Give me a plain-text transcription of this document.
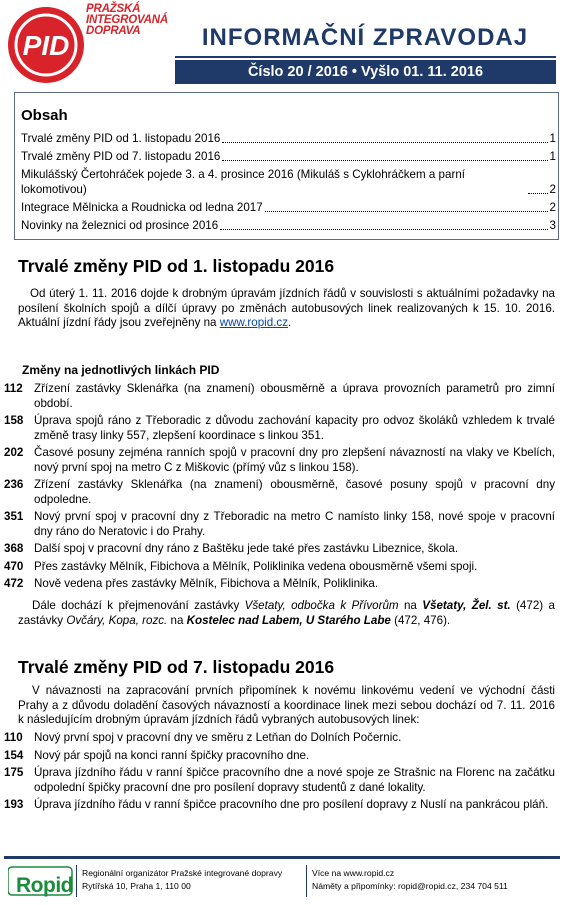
PID
PRAŽSKÁ
INTEGROVANÁ
DOPRAVA	INFORMAČNÍ ZPRAVODAJ
Číslo 20 / 2016 • Vyšlo 01. 11. 2016
Obsah
Trvalé změny PID od 1. listopadu 2016	1
Trvalé změny PID od 7. listopadu 2016	1
Mikulášský Čertohráček pojede 3. a 4. prosince 2016 (Mikuláš s Cyklohráčkem a parní lokomotivou)	2
Integrace Mělnicka a Roudnicka od ledna 2017	2
Novinky na železnici od prosince 2016	3
Trvalé změny PID od 1. listopadu 2016
Od úterý 1. 11. 2016 dojde k drobným úpravám jízdních řádů v souvislosti s aktuálními požadavky na posílení školních spojů a dílčí úpravy po změnách autobusových linek realizovaných k 15. 10. 2016. Aktuální jízdní řády jsou zveřejněny na www.ropid.cz.
Změny na jednotlivých linkách PID
112 Zřízení zastávky Sklenářka (na znamení) obousměrně a úprava provozních parametrů pro zimní období.
158 Úprava spojů ráno z Třeboradic z důvodu zachování kapacity pro odvoz školáků vzhledem k trvalé změně trasy linky 557, zlepšení koordinace s linkou 351.
202 Časové posuny zejména ranních spojů v pracovní dny pro zlepšení návazností na vlaky ve Kbelích, nový první spoj na metro C z Miškovic (přímý vůz s linkou 158).
236 Zřízení zastávky Sklenářka (na znamení) obousměrně, časové posuny spojů v pracovní dny odpoledne.
351 Nový první spoj v pracovní dny z Třeboradic na metro C namísto linky 158, nové spoje v pracovní dny ráno do Neratovic i do Prahy.
368 Další spoj v pracovní dny ráno z Baštěku jede také přes zastávku Libeznice, škola.
470 Přes zastávky Mělník, Fibichova a Mělník, Poliklinika vedena obousměrně všemi spoji.
472 Nově vedena přes zastávky Mělník, Fibichova a Mělník, Poliklinika.
Dále dochází k přejmenování zastávky Všetaty, odbočka k Přívorům na Všetaty, Žel. st. (472) a zastávky Ovčáry, Kopa, rozc. na Kostelec nad Labem, U Starého Labe (472, 476).
Trvalé změny PID od 7. listopadu 2016
V návaznosti na zapracování prvních připomínek k novému linkovému vedení ve východní části Prahy a z důvodu doladění časových návazností a koordinace linek mezi sebou dochází od 7. 11. 2016 k následujícím drobným úpravám jízdních řádů vybraných autobusových linek:
110 Nový první spoj v pracovní dny ve směru z Letňan do Dolních Počernic.
154 Nový pár spojů na konci ranní špičky pracovního dne.
175 Úprava jízdního řádu v ranní špičce pracovního dne a nové spoje ze Strašnic na Florenc na začátku odpolední špičky pracovní dne pro posílení dopravy studentů z dané lokality.
193 Úprava jízdního řádu v ranní špičce pracovního dne pro posílení dopravy z Nuslí na pankrácou pláň.
Ropid
Regionální organizátor Pražské integrované dopravy
Rytířská 10, Praha 1, 110 00
Více na www.ropid.cz
Náměty a připomínky: ropid@ropid.cz, 234 704 511
